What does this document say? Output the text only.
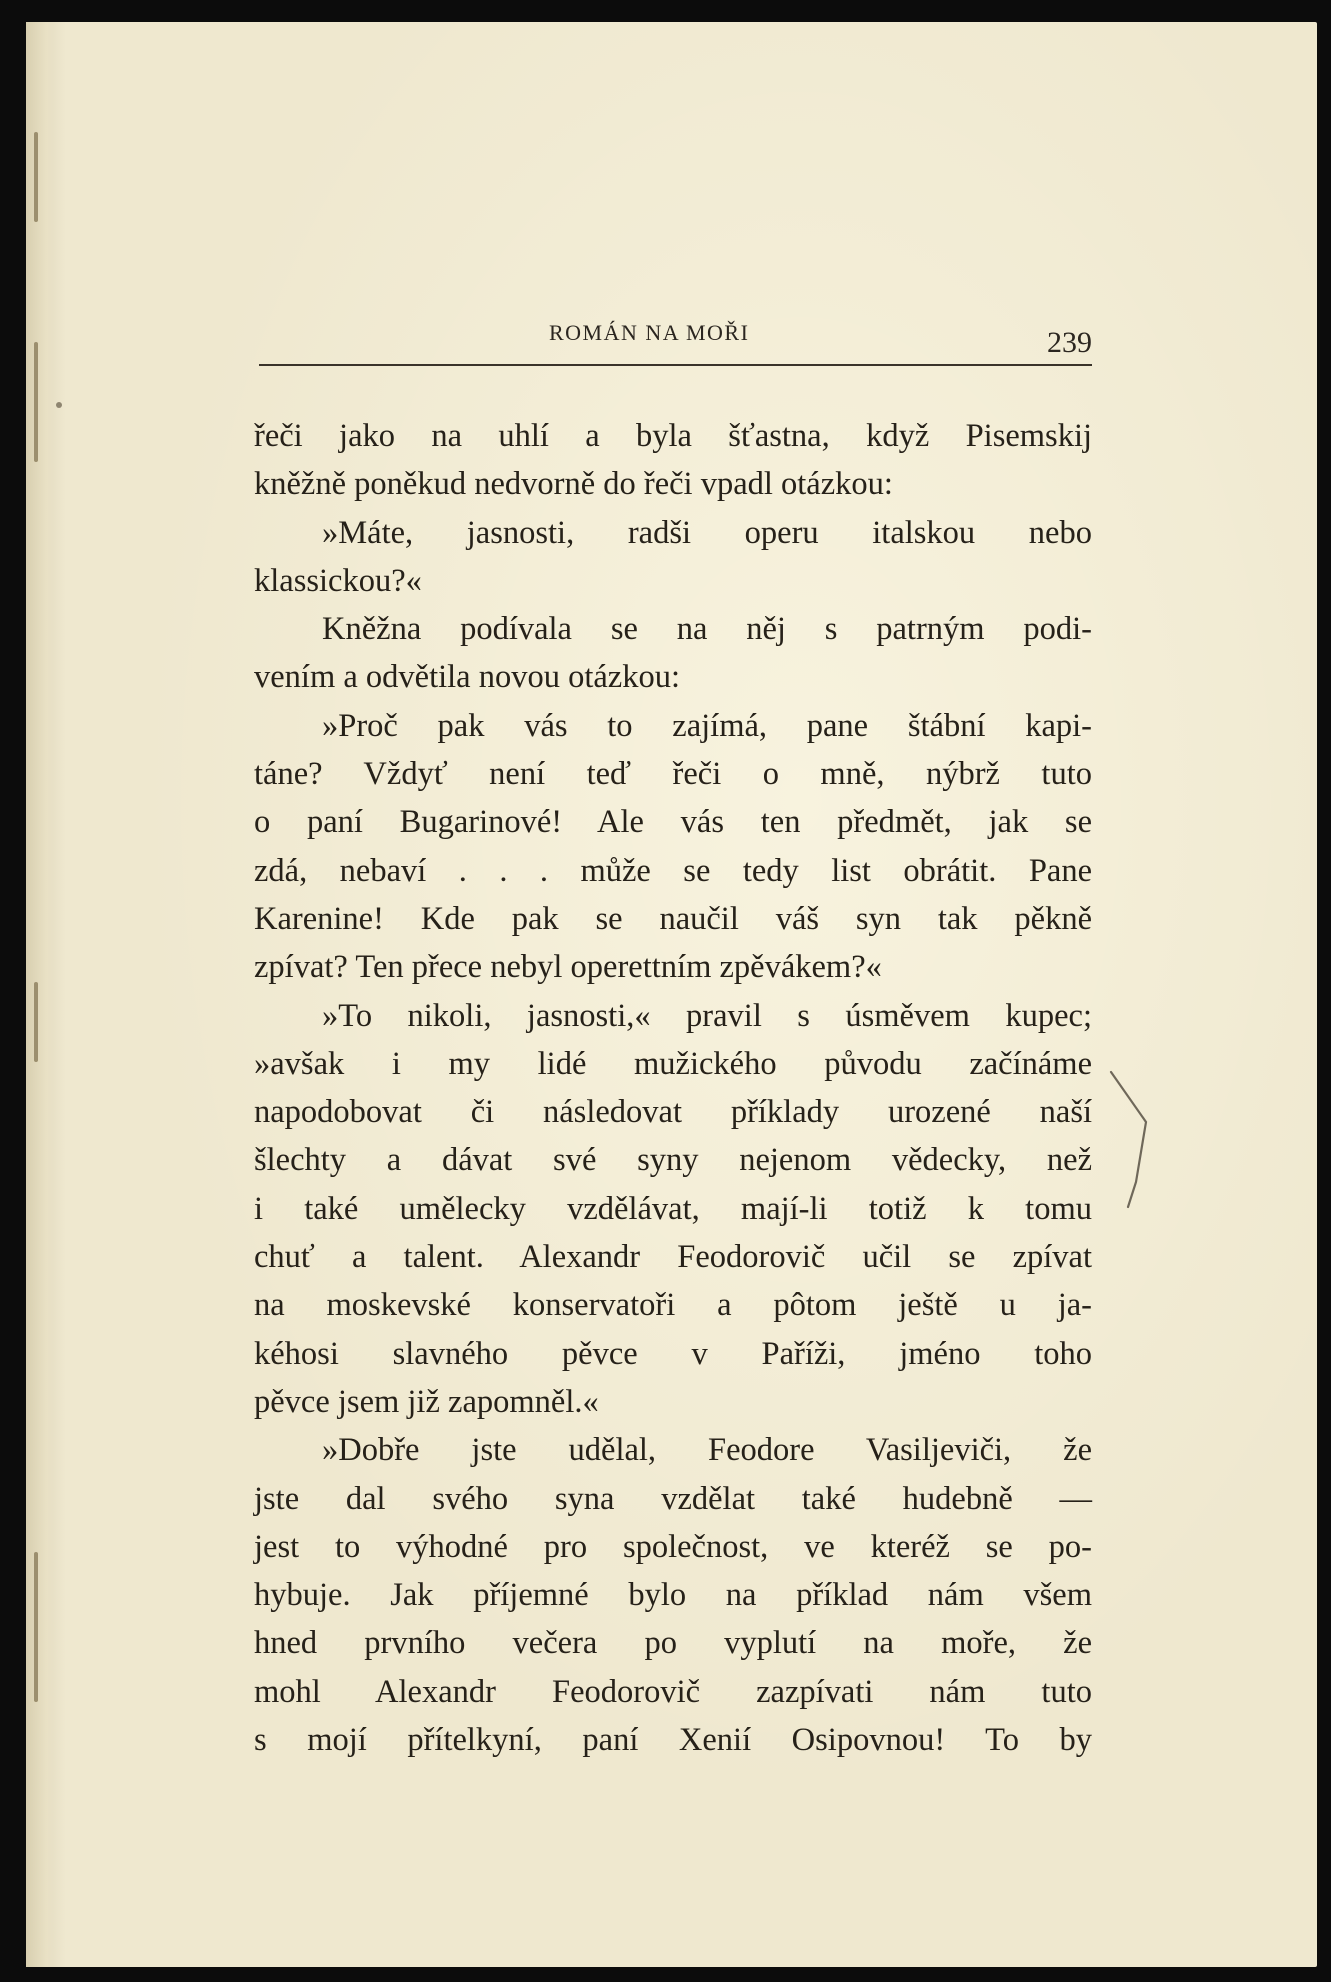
ROMÁN NA MOŘI	239
řeči jako na uhlí a byla šťastna, když Pisemskij
kněžně poněkud nedvorně do řeči vpadl otázkou:
»Máte, jasnosti, radši operu italskou nebo
klassickou?«
Kněžna podívala se na něj s patrným podi-
vením a odvětila novou otázkou:
»Proč pak vás to zajímá, pane štábní kapi-
táne? Vždyť není teď řeči o mně, nýbrž tuto
o paní Bugarinové! Ale vás ten předmět, jak se
zdá, nebaví . . . může se tedy list obrátit. Pane
Karenine! Kde pak se naučil váš syn tak pěkně
zpívat? Ten přece nebyl operettním zpěvákem?«
»To nikoli, jasnosti,« pravil s úsměvem kupec;
»avšak i my lidé mužického původu začínáme
napodobovat či následovat příklady urozené naší
šlechty a dávat své syny nejenom vědecky, než
i také umělecky vzdělávat, mají-li totiž k tomu
chuť a talent. Alexandr Feodorovič učil se zpívat
na moskevské konservatoři a pôtom ještě u ja-
kéhosi slavného pěvce v Paříži, jméno toho
pěvce jsem již zapomněl.«
»Dobře jste udělal, Feodore Vasiljeviči, že
jste dal svého syna vzdělat také hudebně —
jest to výhodné pro společnost, ve kteréž se po-
hybuje. Jak příjemné bylo na příklad nám všem
hned prvního večera po vyplutí na moře, že
mohl Alexandr Feodorovič zazpívati nám tuto
s mojí přítelkyní, paní Xenií Osipovnou! To by
